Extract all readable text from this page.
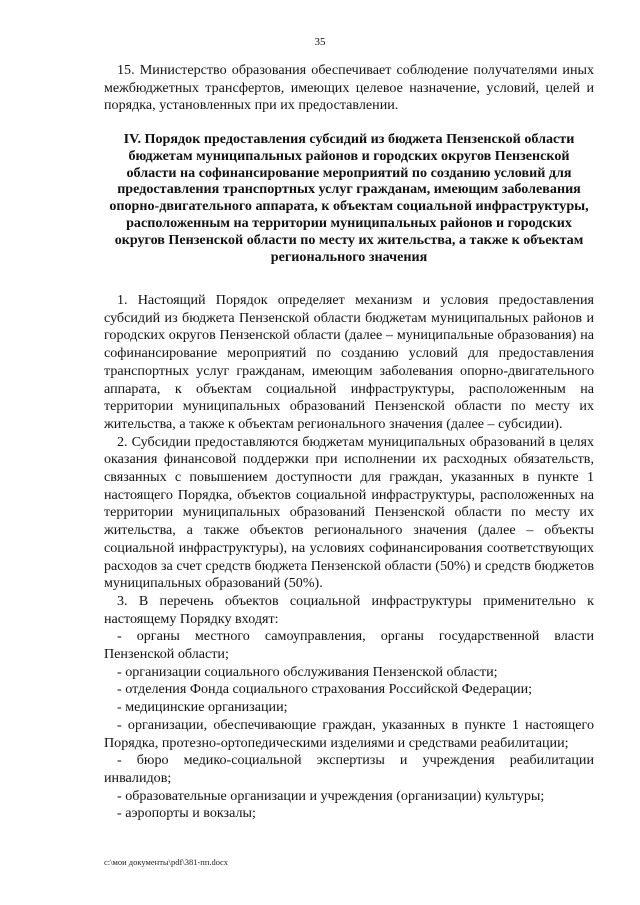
35

15. Министерство образования обеспечивает соблюдение получателями иных межбюджетных трансфертов, имеющих целевое назначение, условий, целей и порядка, установленных при их предоставлении.

IV. Порядок предоставления субсидий из бюджета Пензенской области бюджетам муниципальных районов и городских округов Пензенской области на софинансирование мероприятий по созданию условий для предоставления транспортных услуг гражданам, имеющим заболевания опорно-двигательного аппарата, к объектам социальной инфраструктуры, расположенным на территории муниципальных районов и городских округов Пензенской области по месту их жительства, а также к объектам регионального значения

1. Настоящий Порядок определяет механизм и условия предоставления субсидий из бюджета Пензенской области бюджетам муниципальных районов и городских округов Пензенской области (далее – муниципальные образования) на софинансирование мероприятий по созданию условий для предоставления транспортных услуг гражданам, имеющим заболевания опорно-двигательного аппарата, к объектам социальной инфраструктуры, расположенным на территории муниципальных образований Пензенской области по месту их жительства, а также к объектам регионального значения (далее – субсидии).

2. Субсидии предоставляются бюджетам муниципальных образований в целях оказания финансовой поддержки при исполнении их расходных обязательств, связанных с повышением доступности для граждан, указанных в пункте 1 настоящего Порядка, объектов социальной инфраструктуры, расположенных на территории муниципальных образований Пензенской области по месту их жительства, а также объектов регионального значения (далее – объекты социальной инфраструктуры), на условиях софинансирования соответствующих расходов за счет средств бюджета Пензенской области (50%) и средств бюджетов муниципальных образований (50%).

3. В перечень объектов социальной инфраструктуры применительно к настоящему Порядку входят:

- органы местного самоуправления, органы государственной власти Пензенской области;

- организации социального обслуживания Пензенской области;

- отделения Фонда социального страхования Российской Федерации;

- медицинские организации;

- организации, обеспечивающие граждан, указанных в пункте 1 настоящего Порядка, протезно-ортопедическими изделиями и средствами реабилитации;

- бюро медико-социальной экспертизы и учреждения реабилитации инвалидов;

- образовательные организации и учреждения (организации) культуры;

- аэропорты и вокзалы;

c:\мои документы\pdf\381-пп.docx
